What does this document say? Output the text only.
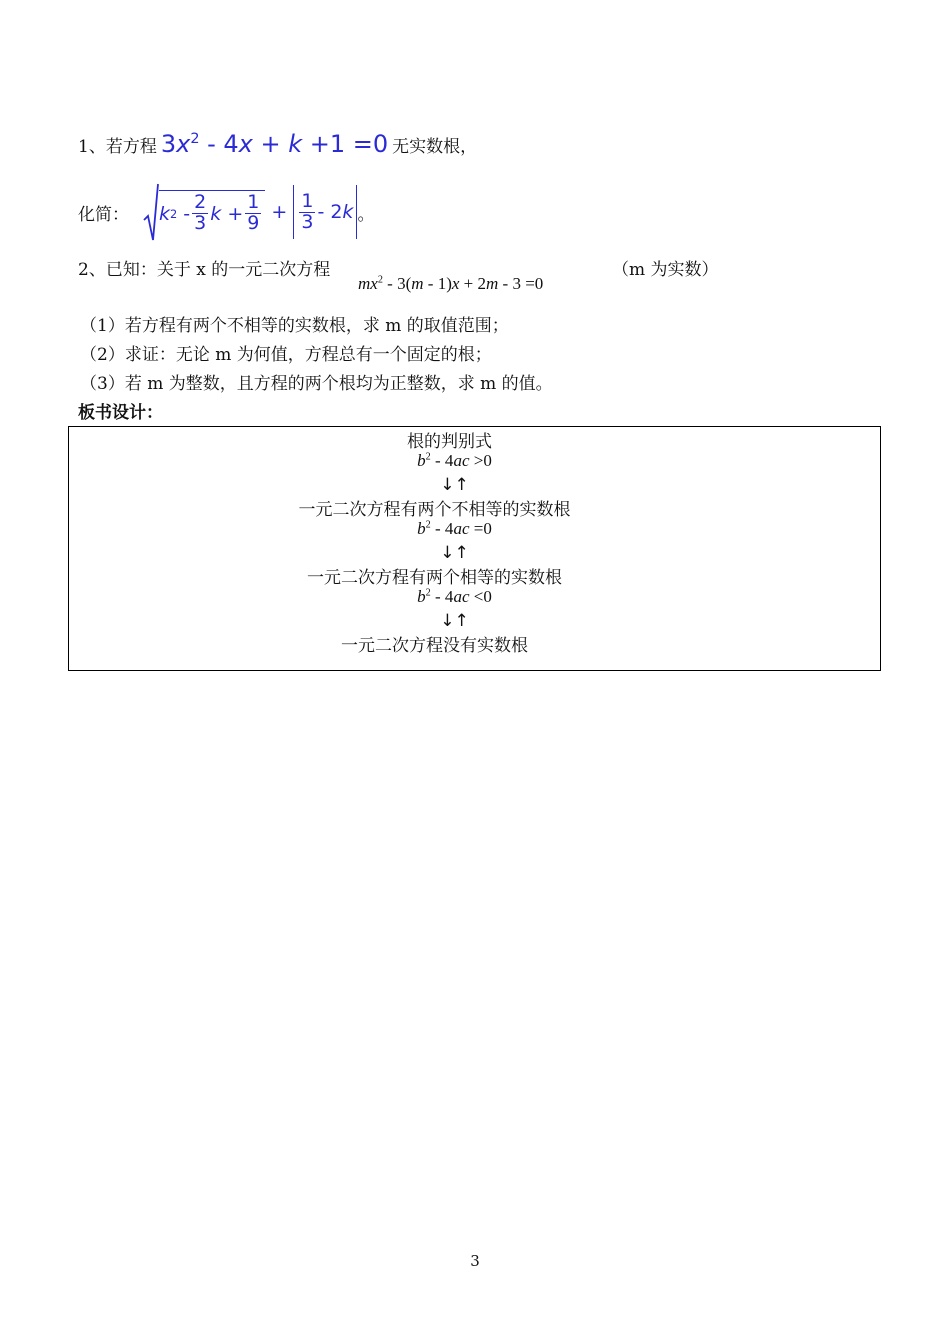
1、若方程 $3x^2 - 4x + k +1 =0$ 无实数根，
化简： k $2 - \frac{2}{3}$ $k + \frac{1}{9} + \frac{1}{3} - 2$ k 。
2、已知：关于 x 的一元二次方程
$mx^2 - 3(m - 1)x + 2m - 3 =0$
（m 为实数）
（1）若方程有两个不相等的实数根，求 m 的取值范围；
（2）求证：无论 m 为何值，方程总有一个固定的根；
（3）若 m 为整数，且方程的两个根均为正整数，求 m 的值。
板书设计：
根的判别式
$b^2 - 4ac >0$
↓↑
一元二次方程有两个不相等的实数根
$b^2 - 4ac =0$
↓↑
一元二次方程有两个相等的实数根
$b^2 - 4ac <0$
↓↑
一元二次方程没有实数根
3
